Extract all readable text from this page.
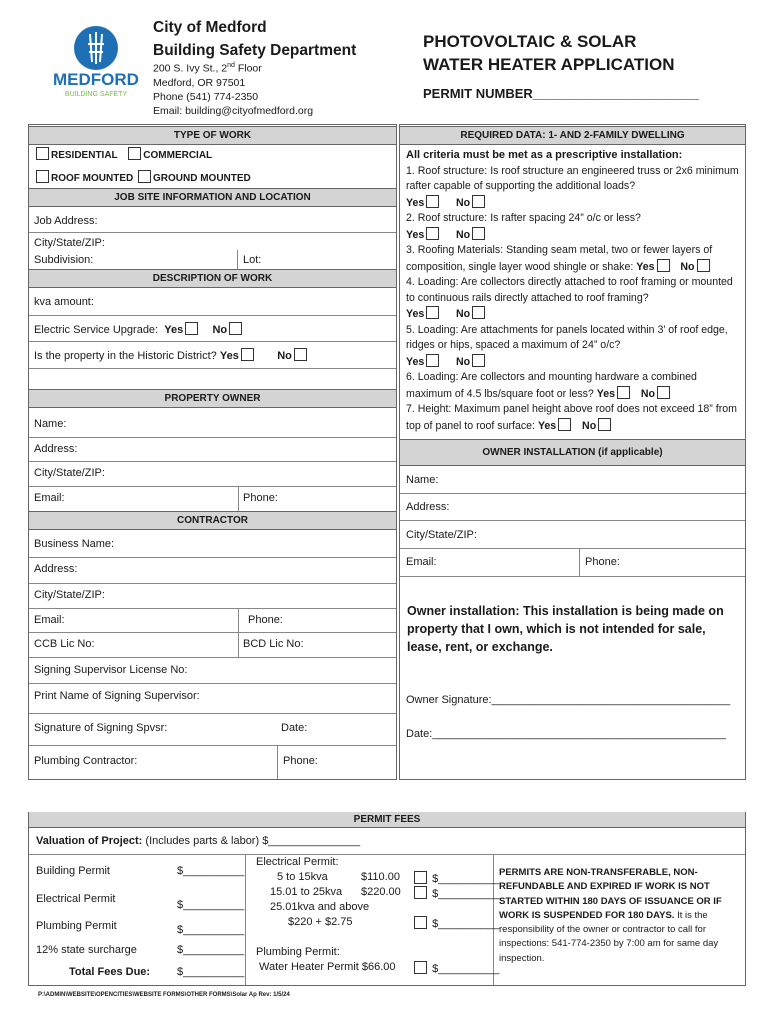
MEDFORD
BUILDING SAFETY
City of Medford
Building Safety Department
200 S. Ivy St., 2nd Floor
Medford, OR 97501
Phone (541) 774-2350
Email: building@cityofmedford.org
PHOTOVOLTAIC & SOLAR
WATER HEATER APPLICATION
PERMIT NUMBER_______________________
TYPE OF WORK
RESIDENTIAL	COMMERCIAL
ROOF MOUNTED GROUND MOUNTED
JOB SITE INFORMATION AND LOCATION
Job Address:
City/State/ZIP:
Subdivision:	Lot:
DESCRIPTION OF WORK
kva amount:
Electric Service Upgrade: Yes	No
Is the property in the Historic District? Yes	No
PROPERTY OWNER
Name:
Address:
City/State/ZIP:
Email:	Phone:
CONTRACTOR
Business Name:
Address:
City/State/ZIP:
Email:	Phone:
CCB Lic No:	BCD Lic No:
Signing Supervisor License No:
Print Name of Signing Supervisor:
Signature of Signing Spvsr:	Date:
Plumbing Contractor:	Phone:
REQUIRED DATA: 1- AND 2-FAMILY DWELLING

All criteria must be met as a prescriptive installation:

1. Roof structure: Is roof structure an engineered truss or 2x6 minimum rafter capable of supporting the additional loads?
Yes	No

2. Roof structure: Is rafter spacing 24” o/c or less?
Yes	No

3. Roofing Materials: Standing seam metal, two or fewer layers of composition, single layer wood shingle or shake: Yes No

4. Loading: Are collectors directly attached to roof framing or mounted to continuous rails directly attached to roof framing?
Yes	No

5. Loading: Are attachments for panels located within 3’ of roof edge, ridges or hips, spaced a maximum of 24” o/c?
Yes	No

6. Loading: Are collectors and mounting hardware a combined maximum of 4.5 lbs/square foot or less? Yes No

7. Height: Maximum panel height above roof does not exceed 18” from top of panel to roof surface: Yes No

OWNER INSTALLATION (if applicable)
Name:
Address:
City/State/ZIP:
Email:	Phone:
Owner installation: This installation is being made on property that I own, which is not intended for sale, lease, rent, or exchange.
Owner Signature:_______________________________________
Date:________________________________________________
PERMIT FEES
Valuation of Project: (Includes parts & labor) $_______________
Building Permit	$__________
Electrical Permit	$__________
Plumbing Permit	$__________
12% state surcharge	$__________
Total Fees Due: $__________
Electrical Permit:
5 to 15kva	$110.00	$__________
15.01 to 25kva $220.00	$__________
25.01kva and above
$220 + $2.75	$__________
Plumbing Permit:
Water Heater Permit $66.00	$__________
PERMITS ARE NON-TRANSFERABLE, NON-REFUNDABLE AND EXPIRED IF WORK IS NOT STARTED WITHIN 180 DAYS OF ISSUANCE OR IF WORK IS SUSPENDED FOR 180 DAYS. It is the responsibility of the owner or contractor to call for inspections: 541-774-2350 by 7:00 am for same day inspection.
P:\ADMIN\WEBSITE\OPENCITIES\WEBSITE FORMS\OTHER FORMS\Solar Ap Rev: 1/5/24
